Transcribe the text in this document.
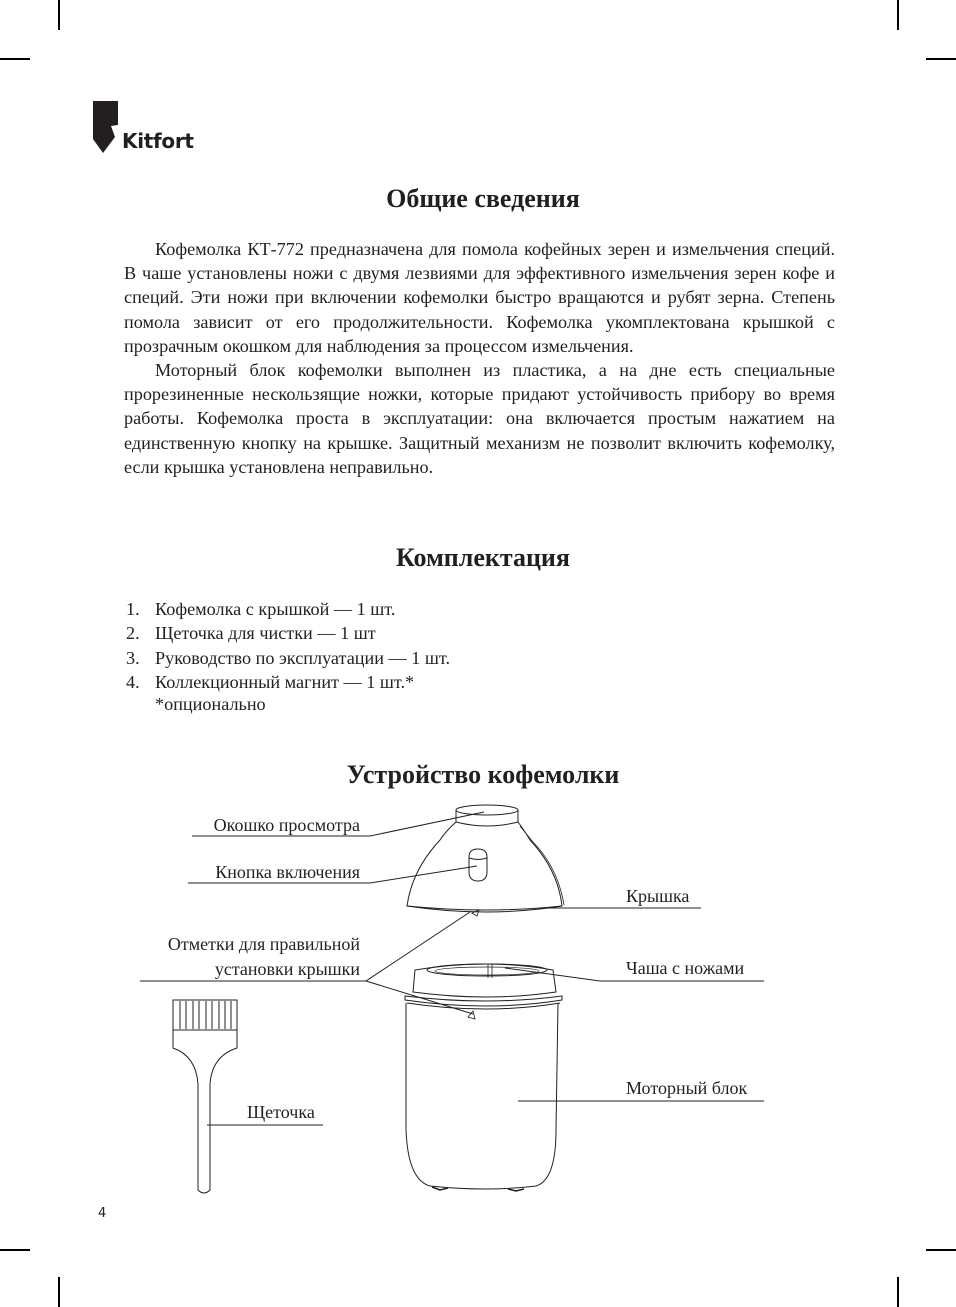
Kitfort
Общие сведения

Кофемолка КТ-772 предназначена для помола кофейных зерен и измельчения специй. В чаше установлены ножи с двумя лезвиями для эффективного измельчения зерен кофе и специй. Эти ножи при включении кофемолки быстро вращаются и рубят зерна. Степень помола зависит от его продолжительности. Кофемолка укомплектована крышкой с прозрачным окошком для наблюдения за процессом измельчения.

Моторный блок кофемолки выполнен из пластика, а на дне есть специальные прорезиненные нескользящие ножки, которые придают устойчивость прибору во время работы. Кофемолка проста в эксплуатации: она включается простым нажатием на единственную кнопку на крышке. Защитный механизм не позволит включить кофемолку, если крышка установлена неправильно.

Комплектация
1. Кофемолка с крышкой — 1 шт.
2. Щеточка для чистки — 1 шт
3. Руководство по эксплуатации — 1 шт.
4. Коллекционный магнит — 1 шт.*
*опционально
Устройство кофемолки
Окошко просмотра
Кнопка включения
Отметки для правильной
установки крышки
Щеточка
Крышка
Чаша с ножами
Моторный блок
4
